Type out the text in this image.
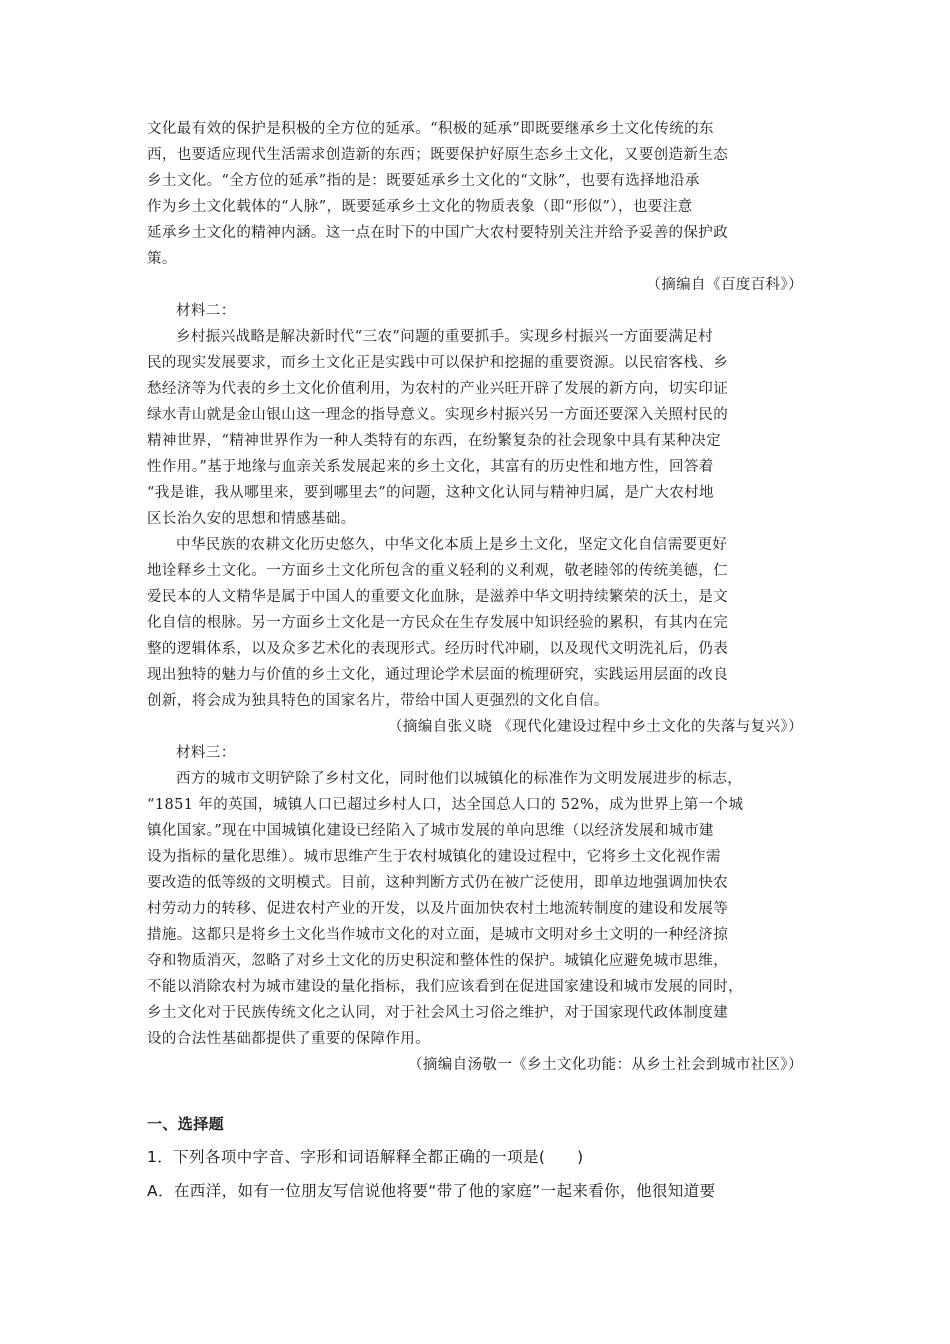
文化最有效的保护是积极的全方位的延承。“积极的延承”即既要继承乡土文化传统的东
西，也要适应现代生活需求创造新的东西；既要保护好原生态乡土文化，又要创造新生态
乡土文化。“全方位的延承”指的是：既要延承乡土文化的“文脉”，也要有选择地沿承
作为乡土文化载体的“人脉”，既要延承乡土文化的物质表象（即“形似”），也要注意
延承乡土文化的精神内涵。这一点在时下的中国广大农村要特别关注并给予妥善的保护政
策。
（摘编自《百度百科》）
材料二：
乡村振兴战略是解决新时代“三农”问题的重要抓手。实现乡村振兴一方面要满足村
民的现实发展要求，而乡土文化正是实践中可以保护和挖掘的重要资源。以民宿客栈、乡
愁经济等为代表的乡土文化价值利用，为农村的产业兴旺开辟了发展的新方向，切实印证
绿水青山就是金山银山这一理念的指导意义。实现乡村振兴另一方面还要深入关照村民的
精神世界，“精神世界作为一种人类特有的东西，在纷繁复杂的社会现象中具有某种决定
性作用。”基于地缘与血亲关系发展起来的乡土文化，其富有的历史性和地方性，回答着
“我是谁，我从哪里来，要到哪里去”的问题，这种文化认同与精神归属，是广大农村地
区长治久安的思想和情感基础。
中华民族的农耕文化历史悠久，中华文化本质上是乡土文化，坚定文化自信需要更好
地诠释乡土文化。一方面乡土文化所包含的重义轻利的义利观，敬老睦邻的传统美德，仁
爱民本的人文精华是属于中国人的重要文化血脉，是滋养中华文明持续繁荣的沃土，是文
化自信的根脉。另一方面乡土文化是一方民众在生存发展中知识经验的累积，有其内在完
整的逻辑体系，以及众多艺术化的表现形式。经历时代冲刷，以及现代文明洗礼后，仍表
现出独特的魅力与价值的乡土文化，通过理论学术层面的梳理研究，实践运用层面的改良
创新，将会成为独具特色的国家名片，带给中国人更强烈的文化自信。
（摘编自张义晓 《现代化建设过程中乡土文化的失落与复兴》）
材料三：
西方的城市文明铲除了乡村文化，同时他们以城镇化的标准作为文明发展进步的标志，
“1851 年的英国，城镇人口已超过乡村人口，达全国总人口的 52%，成为世界上第一个城
镇化国家。”现在中国城镇化建设已经陷入了城市发展的单向思维（以经济发展和城市建
设为指标的量化思维）。城市思维产生于农村城镇化的建设过程中，它将乡土文化视作需
要改造的低等级的文明模式。目前，这种判断方式仍在被广泛使用，即单边地强调加快农
村劳动力的转移、促进农村产业的开发，以及片面加快农村土地流转制度的建设和发展等
措施。这都只是将乡土文化当作城市文化的对立面，是城市文明对乡土文明的一种经济掠
夺和物质消灭，忽略了对乡土文化的历史积淀和整体性的保护。城镇化应避免城市思维，
不能以消除农村为城市建设的量化指标，我们应该看到在促进国家建设和城市发展的同时，
乡土文化对于民族传统文化之认同，对于社会风土习俗之维护，对于国家现代政体制度建
设的合法性基础都提供了重要的保障作用。
（摘编自汤敬一《乡土文化功能：从乡土社会到城市社区》）
一、选择题
1．下列各项中字音、字形和词语解释全都正确的一项是(　　)
A．在西洋，如有一位朋友写信说他将要“带了他的家庭”一起来看你，他很知道要
